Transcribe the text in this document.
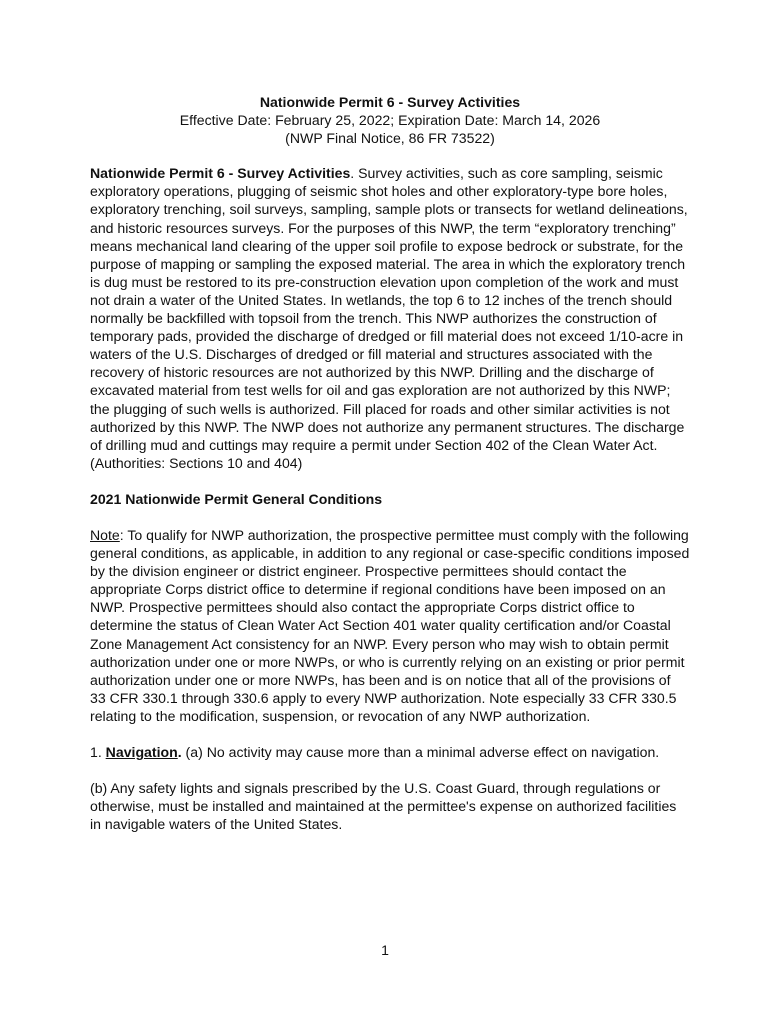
Nationwide Permit 6 - Survey Activities
Effective Date: February 25, 2022; Expiration Date: March 14, 2026
(NWP Final Notice, 86 FR 73522)

Nationwide Permit 6 - Survey Activities. Survey activities, such as core sampling, seismic exploratory operations, plugging of seismic shot holes and other exploratory-type bore holes, exploratory trenching, soil surveys, sampling, sample plots or transects for wetland delineations, and historic resources surveys. For the purposes of this NWP, the term “exploratory trenching” means mechanical land clearing of the upper soil profile to expose bedrock or substrate, for the purpose of mapping or sampling the exposed material. The area in which the exploratory trench is dug must be restored to its pre-construction elevation upon completion of the work and must not drain a water of the United States. In wetlands, the top 6 to 12 inches of the trench should normally be backfilled with topsoil from the trench. This NWP authorizes the construction of temporary pads, provided the discharge of dredged or fill material does not exceed 1/10-acre in waters of the U.S. Discharges of dredged or fill material and structures associated with the recovery of historic resources are not authorized by this NWP. Drilling and the discharge of excavated material from test wells for oil and gas exploration are not authorized by this NWP; the plugging of such wells is authorized. Fill placed for roads and other similar activities is not authorized by this NWP. The NWP does not authorize any permanent structures. The discharge of drilling mud and cuttings may require a permit under Section 402 of the Clean Water Act. (Authorities: Sections 10 and 404)

2021 Nationwide Permit General Conditions

Note: To qualify for NWP authorization, the prospective permittee must comply with the following general conditions, as applicable, in addition to any regional or case-specific conditions imposed by the division engineer or district engineer. Prospective permittees should contact the appropriate Corps district office to determine if regional conditions have been imposed on an NWP. Prospective permittees should also contact the appropriate Corps district office to determine the status of Clean Water Act Section 401 water quality certification and/or Coastal Zone Management Act consistency for an NWP. Every person who may wish to obtain permit authorization under one or more NWPs, or who is currently relying on an existing or prior permit authorization under one or more NWPs, has been and is on notice that all of the provisions of 33 CFR 330.1 through 330.6 apply to every NWP authorization. Note especially 33 CFR 330.5 relating to the modification, suspension, or revocation of any NWP authorization.

1. Navigation. (a) No activity may cause more than a minimal adverse effect on navigation.

(b) Any safety lights and signals prescribed by the U.S. Coast Guard, through regulations or otherwise, must be installed and maintained at the permittee's expense on authorized facilities in navigable waters of the United States.

1
